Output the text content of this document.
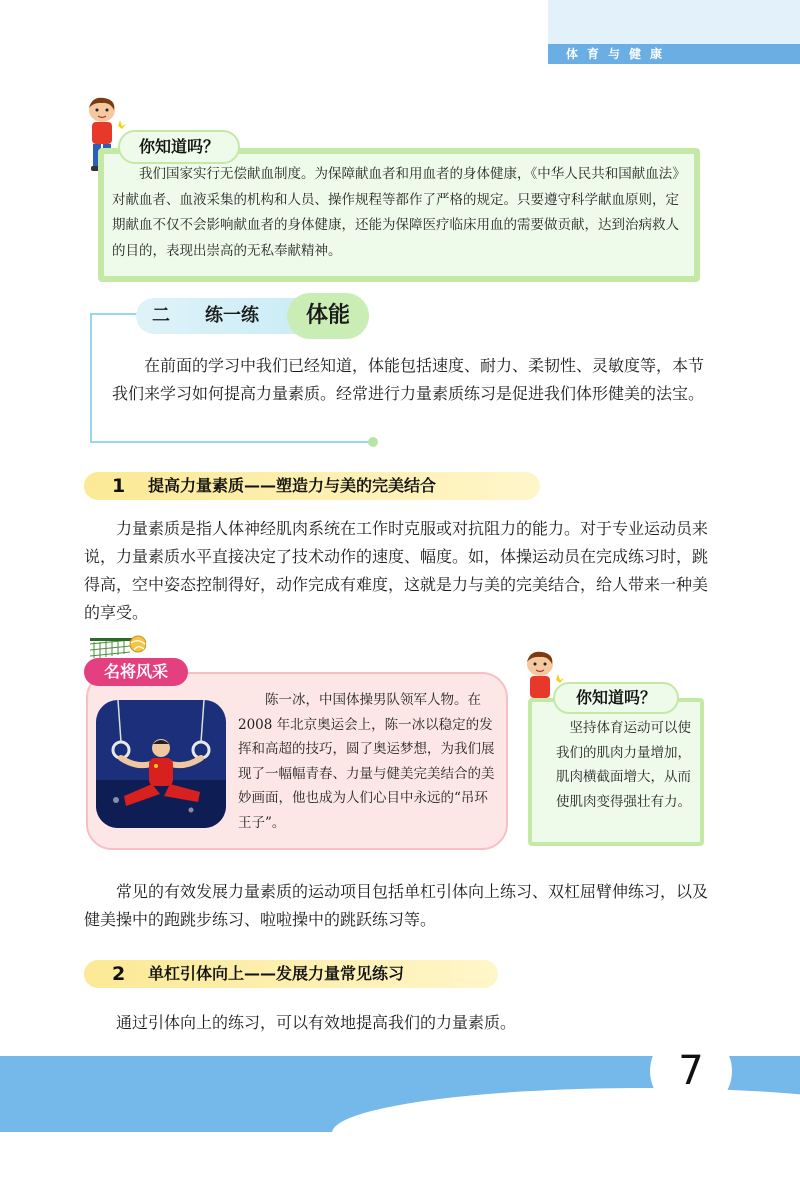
体育与健康
你知道吗？
我们国家实行无偿献血制度。为保障献血者和用血者的身体健康，《中华人民共和国献血法》对献血者、血液采集的机构和人员、操作规程等都作了严格的规定。只要遵守科学献血原则，定期献血不仅不会影响献血者的身体健康，还能为保障医疗临床用血的需要做贡献，达到治病救人的目的，表现出崇高的无私奉献精神。
二 练一练	体能
在前面的学习中我们已经知道，体能包括速度、耐力、柔韧性、灵敏度等，本节我们来学习如何提高力量素质。经常进行力量素质练习是促进我们体形健美的法宝。
1 提高力量素质——塑造力与美的完美结合
力量素质是指人体神经肌肉系统在工作时克服或对抗阻力的能力。对于专业运动员来说，力量素质水平直接决定了技术动作的速度、幅度。如，体操运动员在完成练习时，跳得高，空中姿态控制得好，动作完成有难度，这就是力与美的完美结合，给人带来一种美的享受。
名将风采
陈一冰，中国体操男队领军人物。在 2008 年北京奥运会上，陈一冰以稳定的发挥和高超的技巧，圆了奥运梦想，为我们展现了一幅幅青春、力量与健美完美结合的美妙画面，他也成为人们心目中永远的“吊环王子”。
你知道吗？
坚持体育运动可以使我们的肌肉力量增加，肌肉横截面增大，从而使肌肉变得强壮有力。
常见的有效发展力量素质的运动项目包括单杠引体向上练习、双杠屈臂伸练习，以及健美操中的跑跳步练习、啦啦操中的跳跃练习等。
2 单杠引体向上——发展力量常见练习
通过引体向上的练习，可以有效地提高我们的力量素质。
7
